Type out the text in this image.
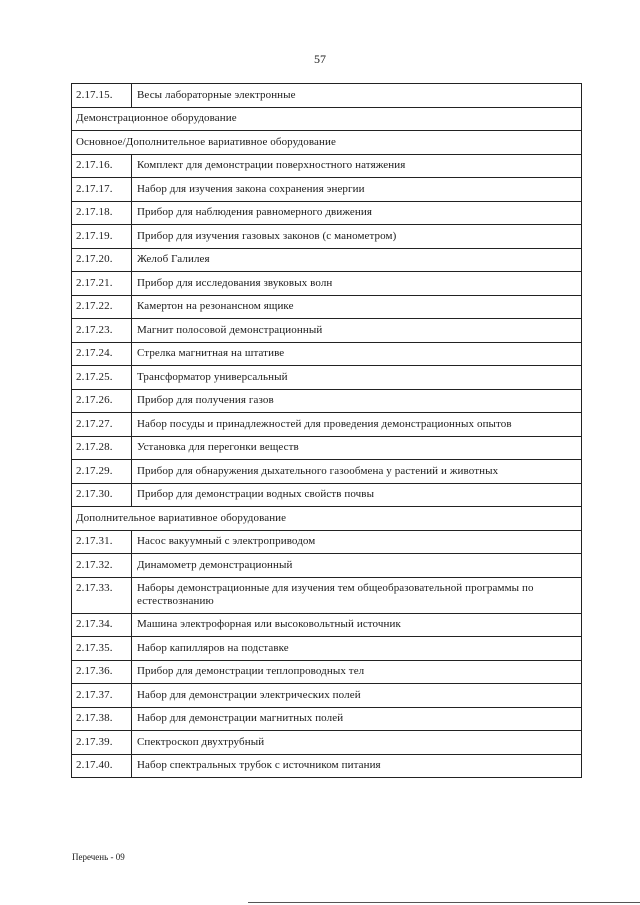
57
2.17.15.	Весы лабораторные электронные
Демонстрационное оборудование	
Основное/Дополнительное вариативное оборудование	
2.17.16.	Комплект для демонстрации поверхностного натяжения
2.17.17.	Набор для изучения закона сохранения энергии
2.17.18.	Прибор для наблюдения равномерного движения
2.17.19.	Прибор для изучения газовых законов (с манометром)
2.17.20.	Желоб Галилея
2.17.21.	Прибор для исследования звуковых волн
2.17.22.	Камертон на резонансном ящике
2.17.23.	Магнит полосовой демонстрационный
2.17.24.	Стрелка магнитная на штативе
2.17.25.	Трансформатор универсальный
2.17.26.	Прибор для получения газов
2.17.27.	Набор посуды и принадлежностей для проведения демонстрационных опытов
2.17.28.	Установка для перегонки веществ
2.17.29.	Прибор для обнаружения дыхательного газообмена у растений и животных
2.17.30.	Прибор для демонстрации водных свойств почвы
Дополнительное вариативное оборудование	
2.17.31.	Насос вакуумный с электроприводом
2.17.32.	Динамометр демонстрационный
2.17.33.	Наборы демонстрационные для изучения тем общеобразовательной программы по естествознанию
2.17.34.	Машина электрофорная или высоковольтный источник
2.17.35.	Набор капилляров на подставке
2.17.36.	Прибор для демонстрации теплопроводных тел
2.17.37.	Набор для демонстрации электрических полей
2.17.38.	Набор для демонстрации магнитных полей
2.17.39.	Спектроскоп двухтрубный
2.17.40.	Набор спектральных трубок с источником питания
Перечень - 09
